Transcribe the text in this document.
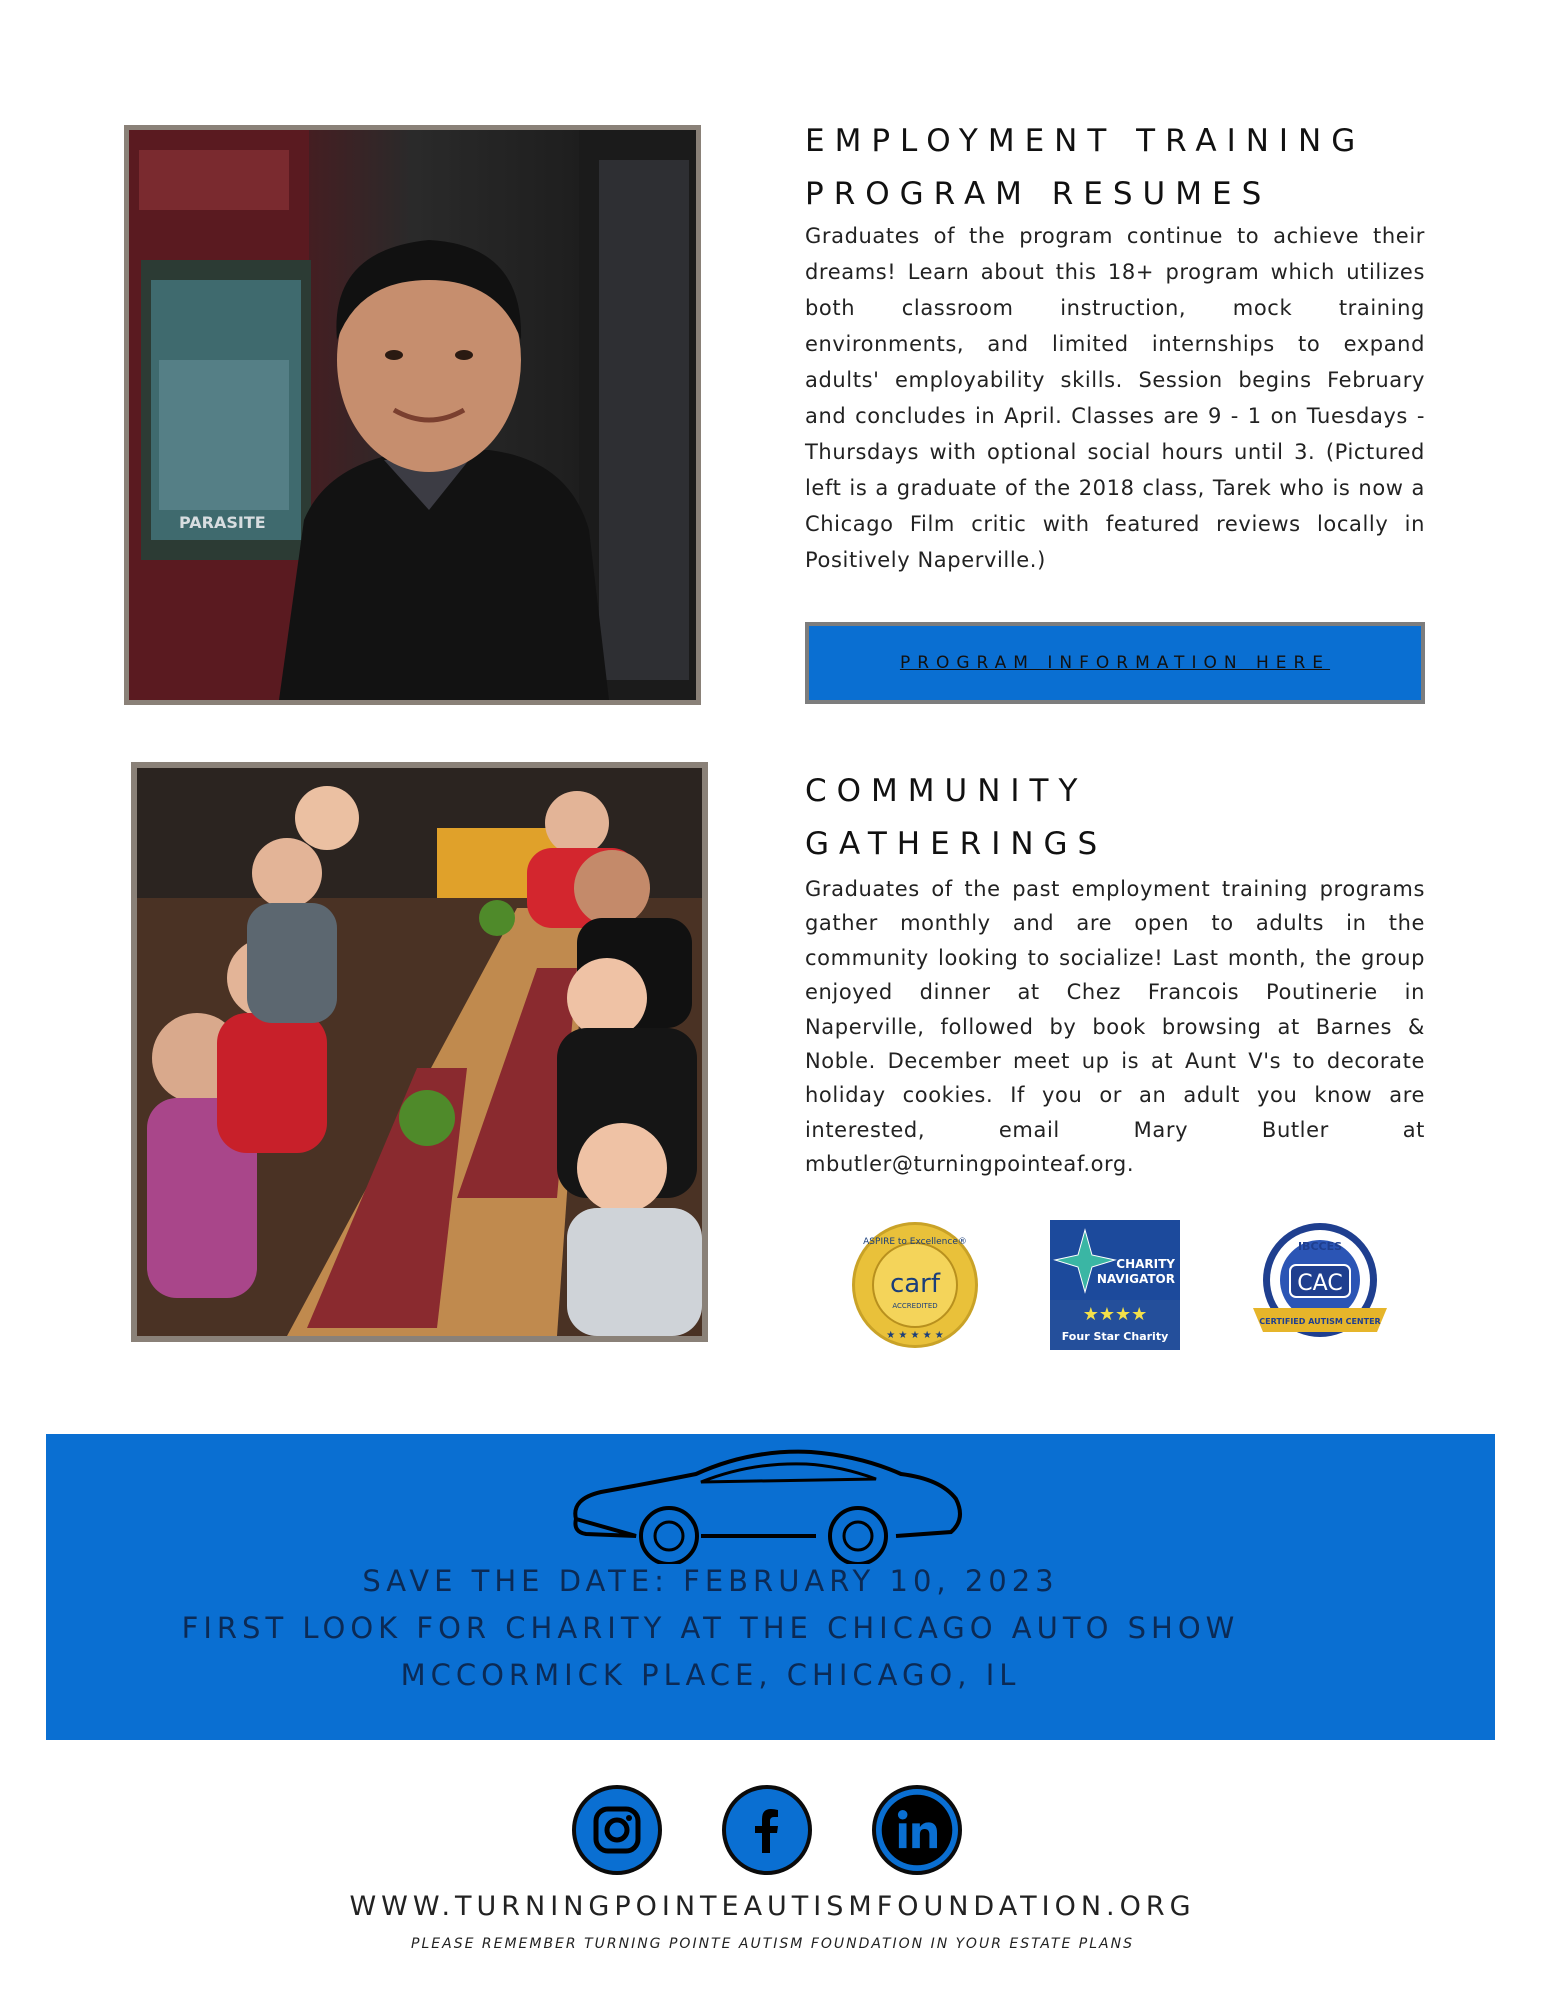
PARASITE
EMPLOYMENT TRAINING
PROGRAM RESUMES
Graduates of the program continue to achieve their dreams! Learn about this 18+ program which utilizes both classroom instruction, mock training environments, and limited internships to expand adults' employability skills. Session begins February and concludes in April. Classes are 9 - 1 on Tuesdays - Thursdays with optional social hours until 3. (Pictured left is a graduate of the 2018 class, Tarek who is now a Chicago Film critic with featured reviews locally in Positively Naperville.)
PROGRAM INFORMATION HERE
COMMUNITY
GATHERINGS
Graduates of the past employment training programs gather monthly and are open to adults in the community looking to socialize! Last month, the group enjoyed dinner at Chez Francois Poutinerie in Naperville, followed by book browsing at Barnes & Noble. December meet up is at Aunt V's to decorate holiday cookies. If you or an adult you know are interested, email Mary Butler at mbutler@turningpointeaf.org.
ASPIRE to Excellence®
carf
ACCREDITED
★ ★ ★ ★ ★
CHARITY
NAVIGATOR
★★★★
Four Star Charity
IBCCES
CAC
CERTIFIED AUTISM CENTER
SAVE THE DATE: FEBRUARY 10, 2023
FIRST LOOK FOR CHARITY AT THE CHICAGO AUTO SHOW
MCCORMICK PLACE, CHICAGO, IL
WWW.TURNINGPOINTEAUTISMFOUNDATION.ORG
PLEASE REMEMBER TURNING POINTE AUTISM FOUNDATION IN YOUR ESTATE PLANS
